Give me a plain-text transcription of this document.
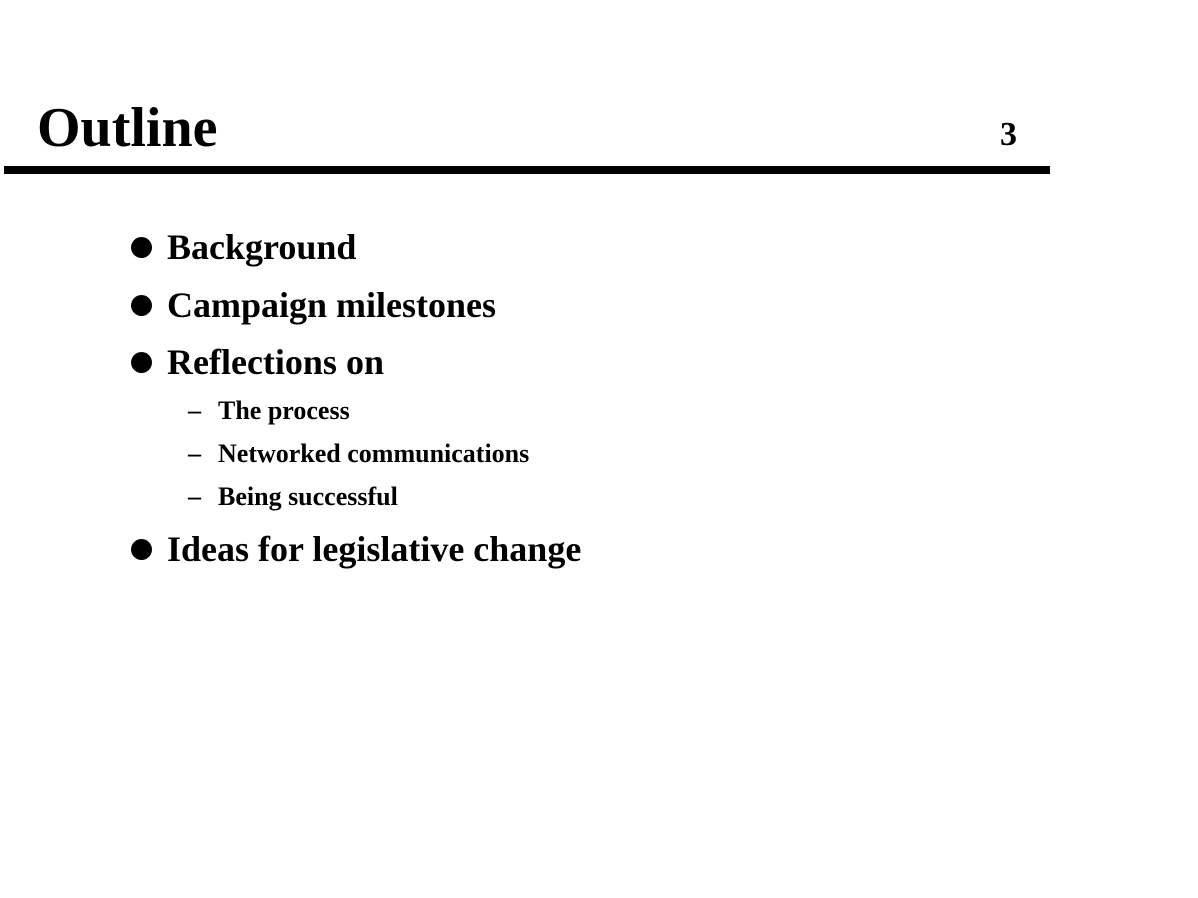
Outline	3
Background
Campaign milestones
Reflections on
– The process
– Networked communications
– Being successful
Ideas for legislative change
